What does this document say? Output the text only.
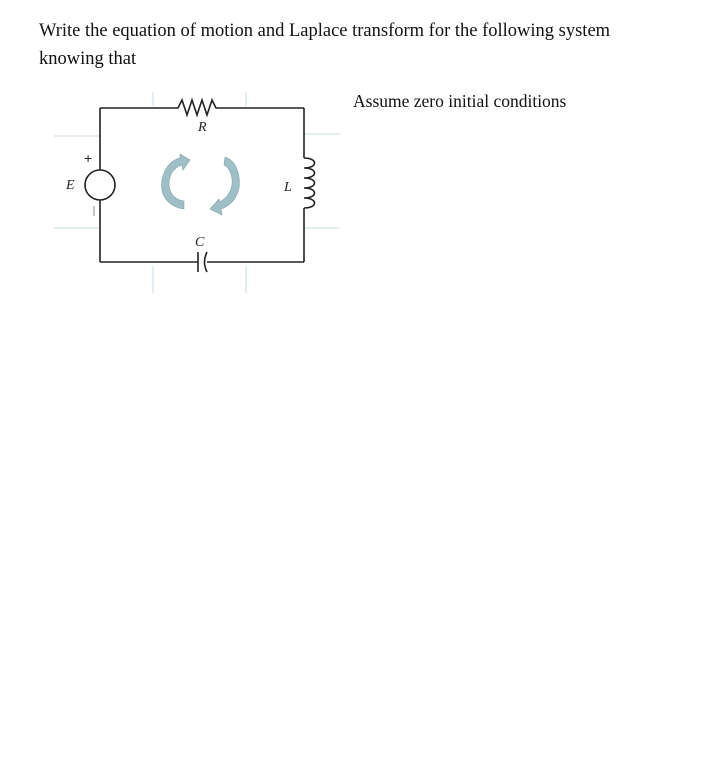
Write the equation of motion and Laplace transform for the following system knowing that
Assume zero initial conditions
R
+
E	L
C
